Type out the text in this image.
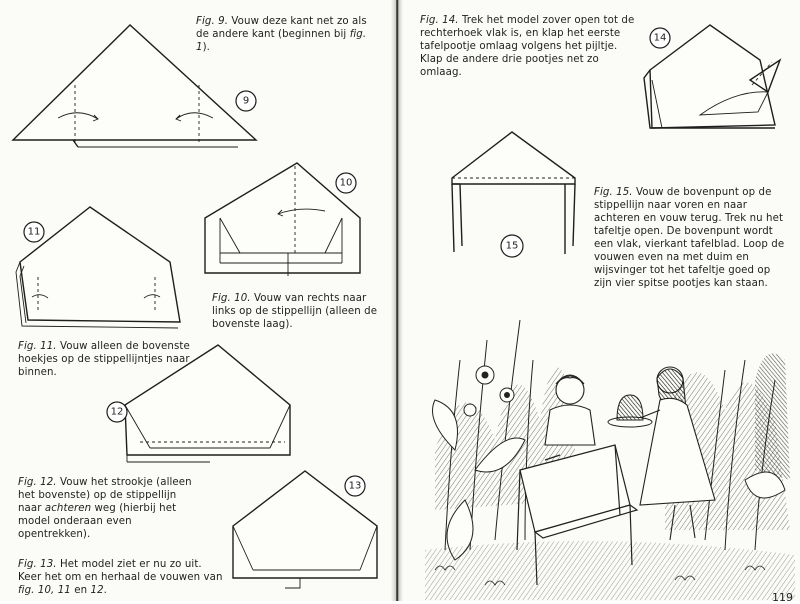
9
10
11
12
13
14
15
Fig. 9. Vouw deze kant net zo als de andere kant (beginnen bij fig. 1).
Fig. 10. Vouw van rechts naar links op de stippellijn (alleen de bovenste laag).
Fig. 11. Vouw alleen de bovenste hoekjes op de stippellijntjes naar binnen.
Fig. 12. Vouw het strookje (alleen het bovenste) op de stippellijn naar achteren weg (hierbij het model onderaan even opentrekken).
Fig. 13. Het model ziet er nu zo uit. Keer het om en herhaal de vouwen van fig. 10, 11 en 12.
Fig. 14. Trek het model zover open tot de rechterhoek vlak is, en klap het eerste tafelpootje omlaag volgens het pijltje. Klap de andere drie pootjes net zo omlaag.
Fig. 15. Vouw de bovenpunt op de stippellijn naar voren en naar achteren en vouw terug. Trek nu het tafeltje open. De bovenpunt wordt een vlak, vierkant tafelblad. Loop de vouwen even na met duim en wijsvinger tot het tafeltje goed op zijn vier spitse pootjes kan staan.
119
